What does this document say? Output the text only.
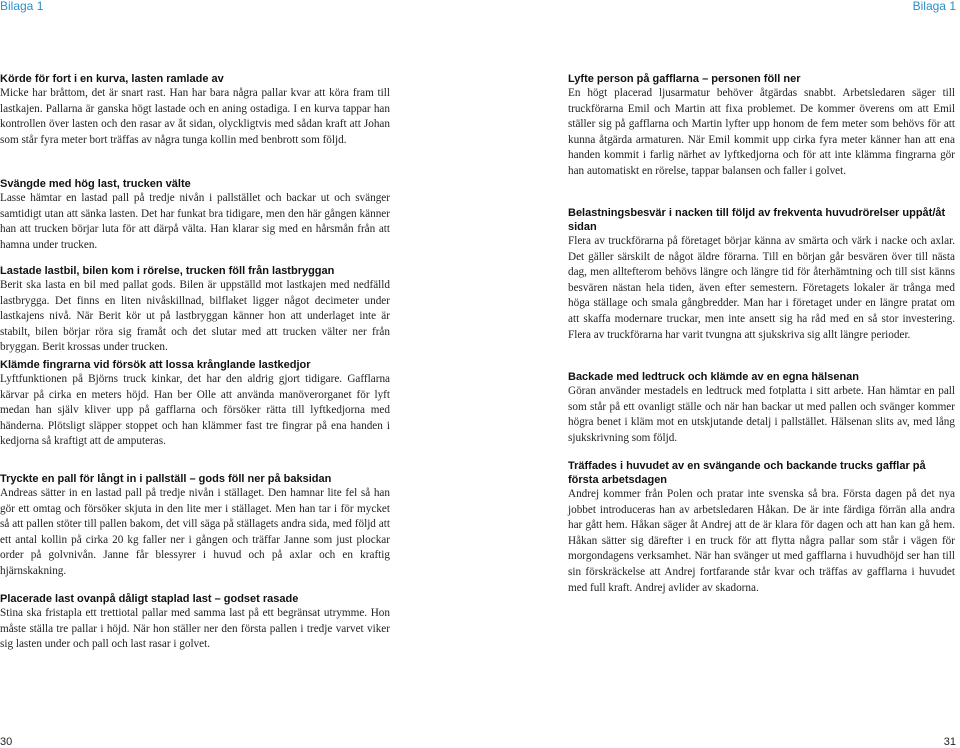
Bilaga 1	Bilaga 1
Körde för fort i en kurva, lasten ramlade av

Micke har bråttom, det är snart rast. Han har bara några pallar kvar att köra fram till lastkajen. Pallarna är ganska högt lastade och en aning ostadiga. I en kurva tappar han kontrollen över lasten och den rasar av åt sidan, olyckligtvis med sådan kraft att Johan som står fyra meter bort träffas av några tunga kollin med benbrott som följd.

Svängde med hög last, trucken välte

Lasse hämtar en lastad pall på tredje nivån i pallstället och backar ut och svänger samtidigt utan att sänka lasten. Det har funkat bra tidigare, men den här gången känner han att trucken börjar luta för att därpå välta. Han klarar sig med en hårsmån från att hamna under trucken.

Lastade lastbil, bilen kom i rörelse, trucken föll från lastbryggan

Berit ska lasta en bil med pallat gods. Bilen är uppställd mot lastkajen med nedfälld lastbrygga. Det finns en liten nivåskillnad, bilflaket ligger något decimeter under lastkajens nivå. När Berit kör ut på lastbryggan känner hon att underlaget inte är stabilt, bilen börjar röra sig framåt och det slutar med att trucken välter ner från bryggan. Berit krossas under trucken.

Klämde fingrarna vid försök att lossa krånglande lastkedjor

Lyftfunktionen på Björns truck kinkar, det har den aldrig gjort tidigare. Gafflarna kärvar på cirka en meters höjd. Han ber Olle att använda manöverorganet för lyft medan han själv kliver upp på gafflarna och försöker rätta till lyftkedjorna med händerna. Plötsligt släpper stoppet och han klämmer fast tre fingrar på ena handen i kedjorna så kraftigt att de amputeras.

Tryckte en pall för långt in i pallställ – gods föll ner på baksidan

Andreas sätter in en lastad pall på tredje nivån i ställaget. Den hamnar lite fel så han gör ett omtag och försöker skjuta in den lite mer i ställaget. Men han tar i för mycket så att pallen stöter till pallen bakom, det vill säga på ställagets andra sida, med följd att ett antal kollin på cirka 20 kg faller ner i gången och träffar Janne som just plockar order på golvnivån. Janne får blessyrer i huvud och på axlar och en kraftig hjärnskakning.

Placerade last ovanpå dåligt staplad last – godset rasade

Stina ska fristapla ett trettiotal pallar med samma last på ett begränsat utrymme. Hon måste ställa tre pallar i höjd. När hon ställer ner den första pallen i tredje varvet viker sig lasten under och pall och last rasar i golvet.

Lyfte person på gafflarna – personen föll ner

En högt placerad ljusarmatur behöver åtgärdas snabbt. Arbetsledaren säger till truckförarna Emil och Martin att fixa problemet. De kommer överens om att Emil ställer sig på gafflarna och Martin lyfter upp honom de fem meter som behövs för att kunna åtgärda armaturen. När Emil kommit upp cirka fyra meter känner han att ena handen kommit i farlig närhet av lyftkedjorna och för att inte klämma fingrarna gör han automatiskt en rörelse, tappar balansen och faller i golvet.

Belastningsbesvär i nacken till följd av frekventa huvudrörelser uppåt/åt sidan

Flera av truckförarna på företaget börjar känna av smärta och värk i nacke och axlar. Det gäller särskilt de något äldre förarna. Till en början går besvären över till nästa dag, men alltefterom behövs längre och längre tid för återhämtning och till sist känns besvären nästan hela tiden, även efter semestern. Företagets lokaler är trånga med höga ställage och smala gångbredder. Man har i företaget under en längre pratat om att skaffa modernare truckar, men inte ansett sig ha råd med en så stor investering. Flera av truckförarna har varit tvungna att sjukskriva sig allt längre perioder.

Backade med ledtruck och klämde av en egna hälsenan

Göran använder mestadels en ledtruck med fotplatta i sitt arbete. Han hämtar en pall som står på ett ovanligt ställe och när han backar ut med pallen och svänger kommer högra benet i kläm mot en utskjutande detalj i pallstället. Hälsenan slits av, med lång sjukskrivning som följd.

Träffades i huvudet av en svängande och backande trucks gafflar på första arbetsdagen

Andrej kommer från Polen och pratar inte svenska så bra. Första dagen på det nya jobbet introduceras han av arbetsledaren Håkan. De är inte färdiga förrän alla andra har gått hem. Håkan säger åt Andrej att de är klara för dagen och att han kan gå hem. Håkan sätter sig därefter i en truck för att flytta några pallar som står i vägen för morgondagens verksamhet. När han svänger ut med gafflarna i huvudhöjd ser han till sin förskräckelse att Andrej fortfarande står kvar och träffas av gafflarna i huvudet med full kraft. Andrej avlider av skadorna.

30	31
